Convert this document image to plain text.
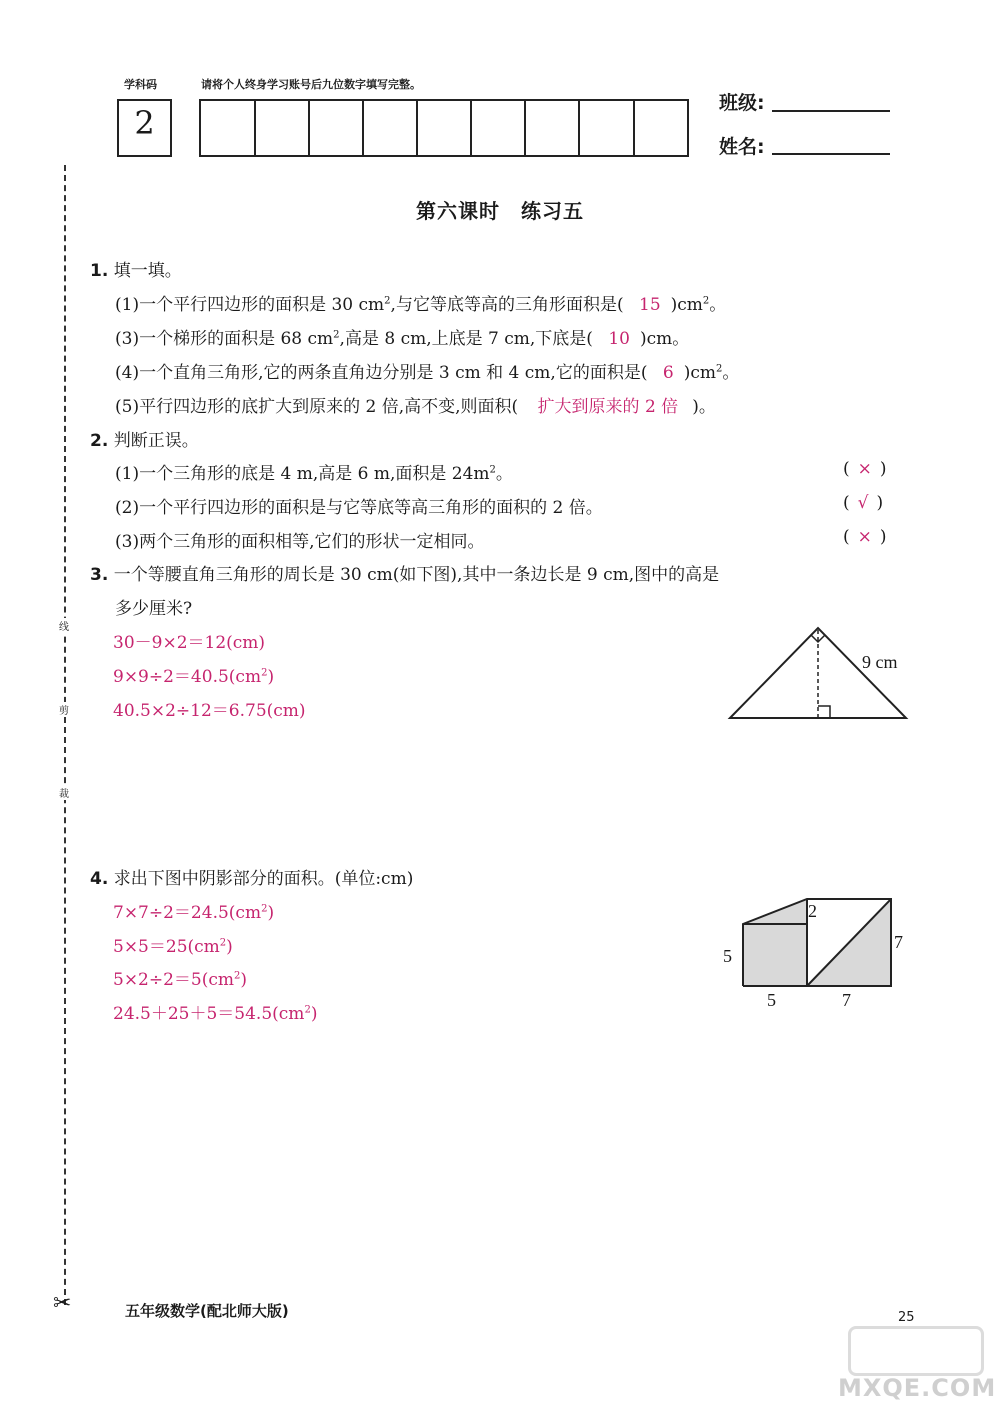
学科码	请将个人终身学习账号后九位数字填写完整。
2
班级:
姓名:
线
剪
裁
✂
第六课时　练习五
1. 填一填。
(1)一个平行四边形的面积是 30 $cm^2$,与它等底等高的三角形面积是( 15 )$cm^2$。
(3)一个梯形的面积是 68 $cm^2$,高是 8 cm,上底是 7 cm,下底是( 10 )cm。
(4)一个直角三角形,它的两条直角边分别是 3 cm 和 4 cm,它的面积是( 6 )$cm^2$。
(5)平行四边形的底扩大到原来的 2 倍,高不变,则面积( 扩大到原来的 2 倍 )。
2. 判断正误。
(1)一个三角形的底是 4 m,高是 6 m,面积是 $24m^2$。	( × )
(2)一个平行四边形的面积是与它等底等高三角形的面积的 2 倍。	( √ )
(3)两个三角形的面积相等,它们的形状一定相同。	( × )
3. 一个等腰直角三角形的周长是 30 cm(如下图),其中一条边长是 9 cm,图中的高是
多少厘米?
30－9×2＝12(cm)
$9\times 9\div 2=40.5(cm^2)$
40.5×2÷12＝6.75(cm)
9 cm
4. 求出下图中阴影部分的面积。(单位:cm)
$7\times 7\div 2=24.5(cm^2)$
$5\times 5=25(cm^2)$
$5\times 2\div 2=5(cm^2)$
$24.5+25+5=54.5(cm^2)$
5
2
7
5	7
五年级数学(配北师大版)	25
MXQE.COM
